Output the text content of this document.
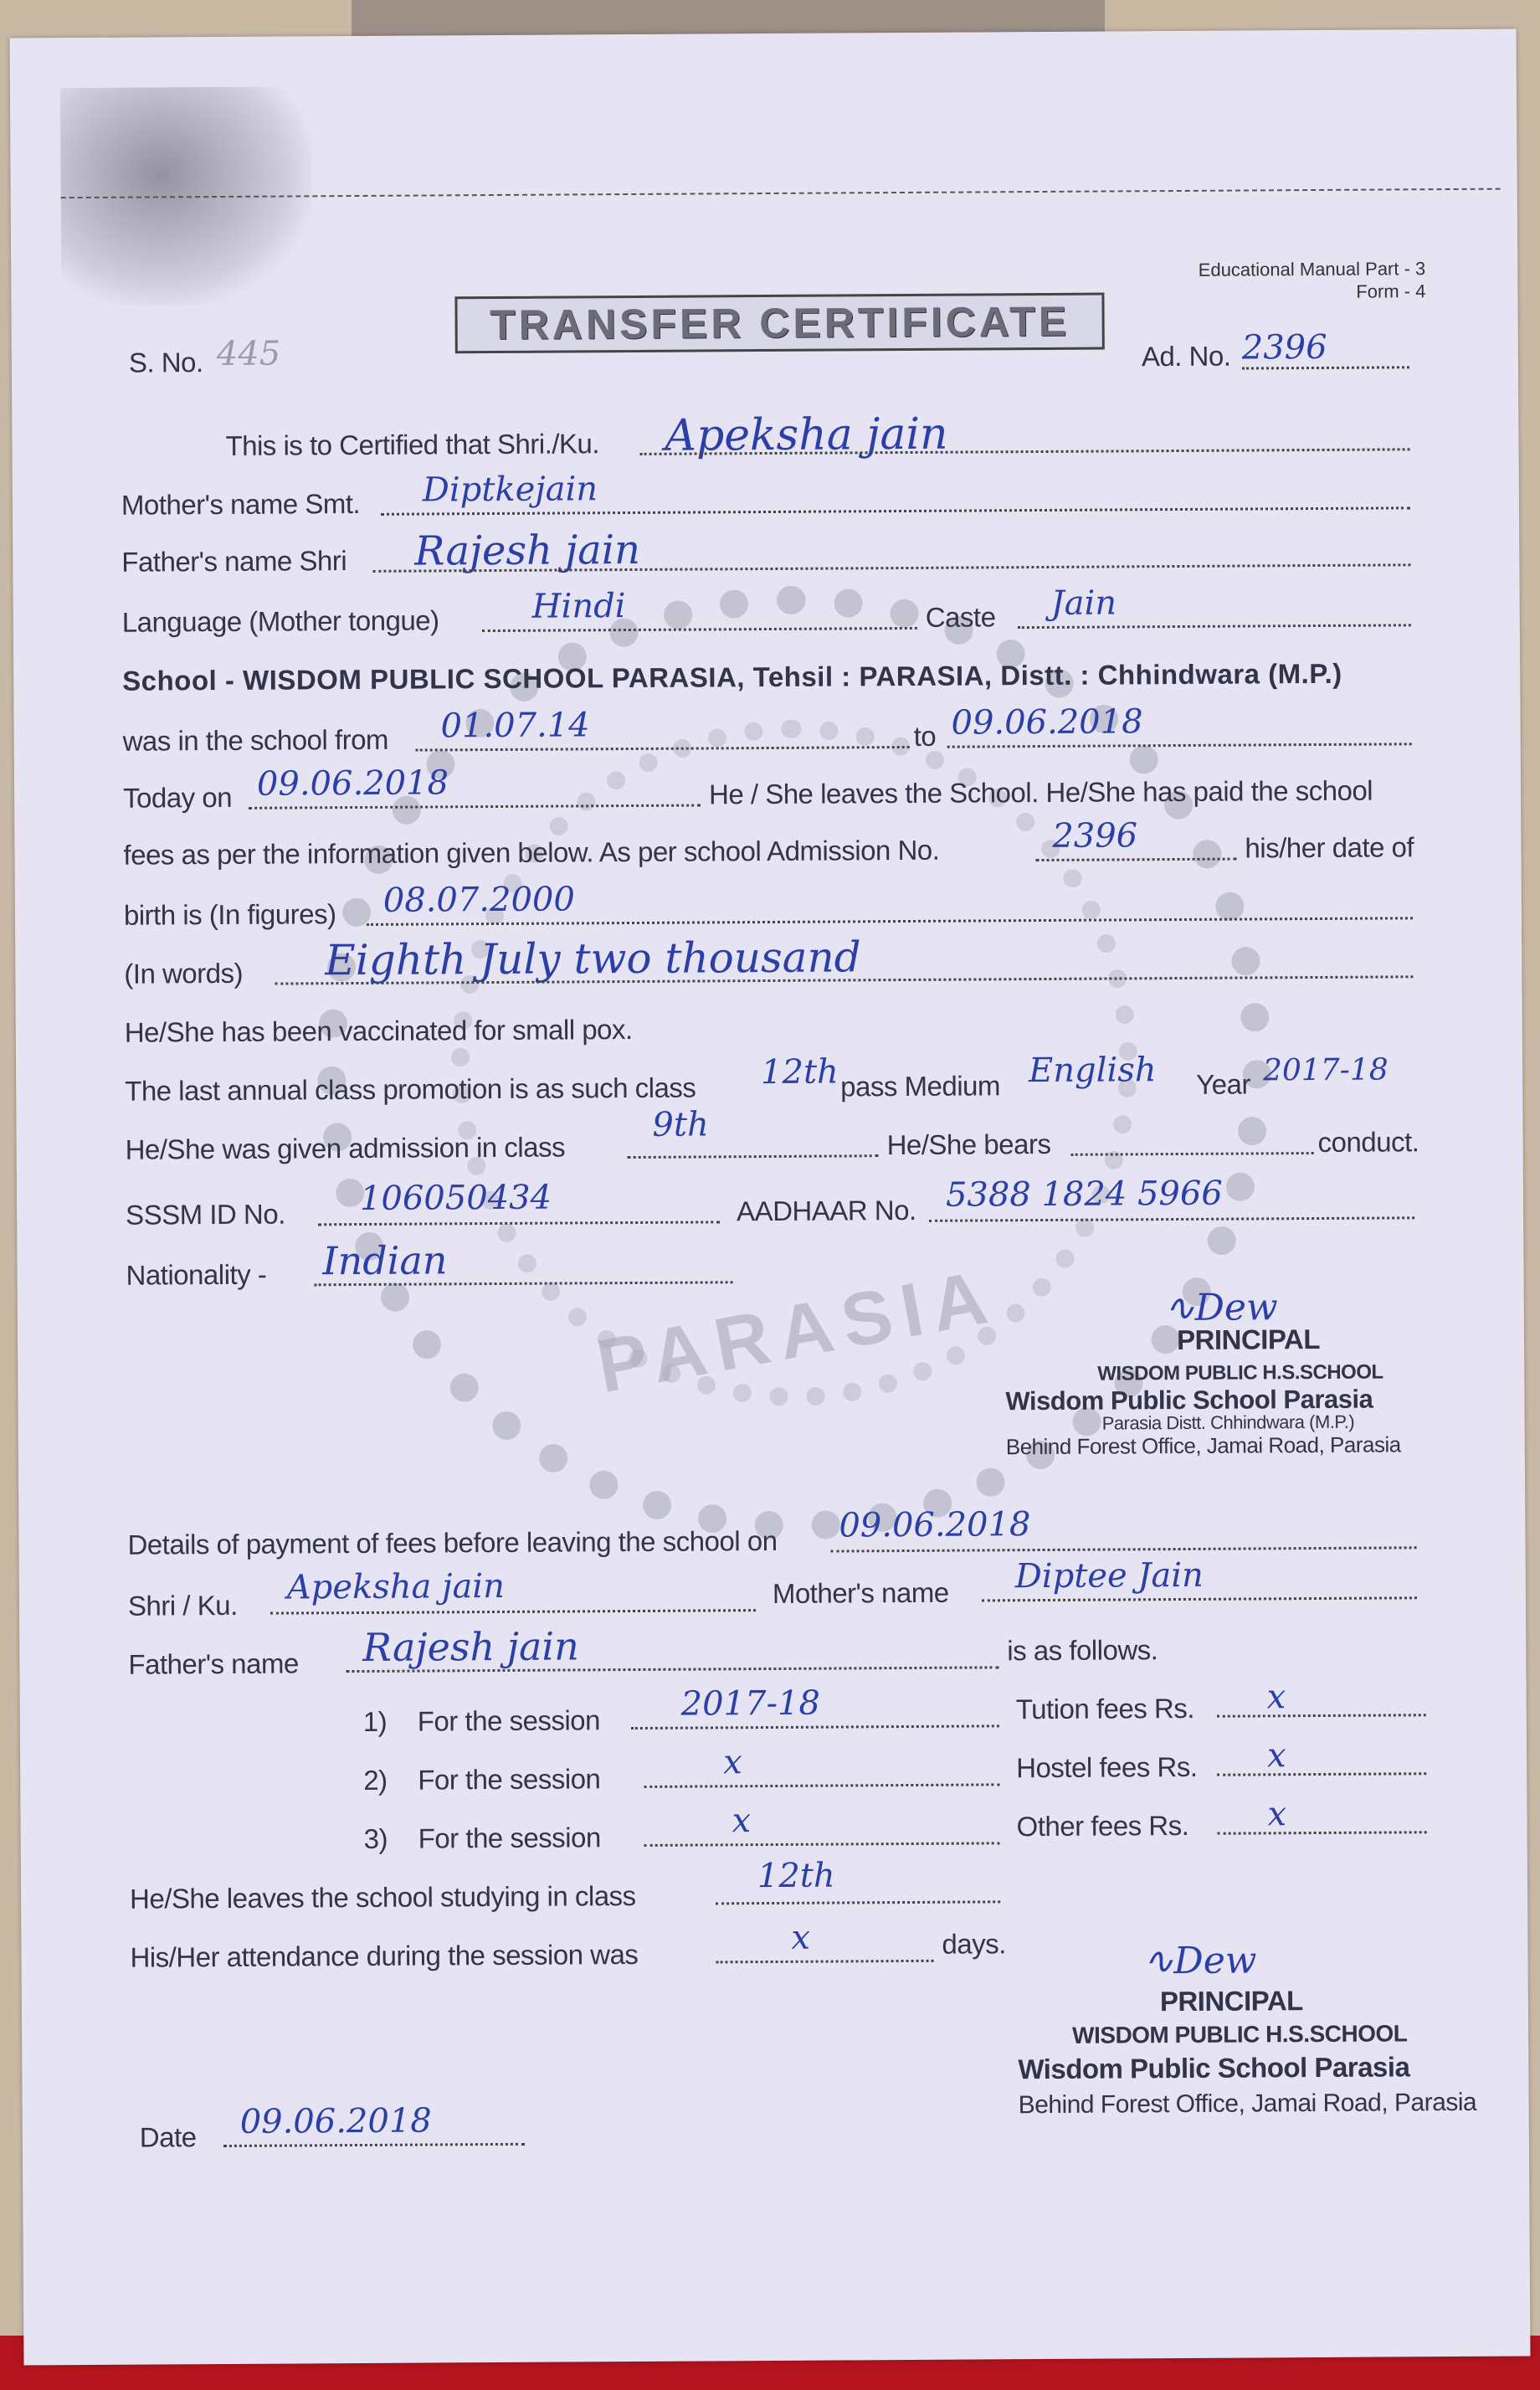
PARASIA
TRANSFER CERTIFICATE
Educational Manual Part - 3
Form - 4
S. No. 445	Ad. No. 2396
This is to Certified that Shri./Ku. Apeksha jain
Mother's name Smt. Diptkejain
Father's name Shri Rajesh jain
Language (Mother tongue)	Hindi	Caste Jain
School - WISDOM PUBLIC SCHOOL PARASIA, Tehsil : PARASIA, Distt. : Chhindwara (M.P.)
was in the school from 01.07.14	to 09.06.2018
Today on 09.06.2018	He / She leaves the School. He/She has paid the school
fees as per the information given below. As per school Admission No.	2396	his/her date of
birth is (In figures) 08.07.2000
(In words) Eighth July two thousand
He/She has been vaccinated for small pox.
The last annual class promotion is as such class 12th pass Medium English Year 2017-18
He/She was given admission in class
9th
He/She bears	conduct.
SSSM ID No. 106050434	AADHAAR No. 5388 1824 5966
Nationality - Indian
∿Dew
PRINCIPAL
WISDOM PUBLIC H.S.SCHOOL
Wisdom Public School Parasia
Parasia Distt. Chhindwara (M.P.)
Behind Forest Office, Jamai Road, Parasia
Details of payment of fees before leaving the school on 09.06.2018
Shri / Ku. Apeksha jain	Mother's name Diptee Jain
Father's name Rajesh jain	is as follows.
1) For the session 2017-18	Tution fees Rs. x
2) For the session	x	Hostel fees Rs. x
3) For the session	x	Other fees Rs. x
He/She leaves the school studying in class
12th
His/Her attendance during the session was	x	days.	∿Dew
PRINCIPAL
WISDOM PUBLIC H.S.SCHOOL
Wisdom Public School Parasia
Behind Forest Office, Jamai Road, Parasia
Date 09.06.2018
